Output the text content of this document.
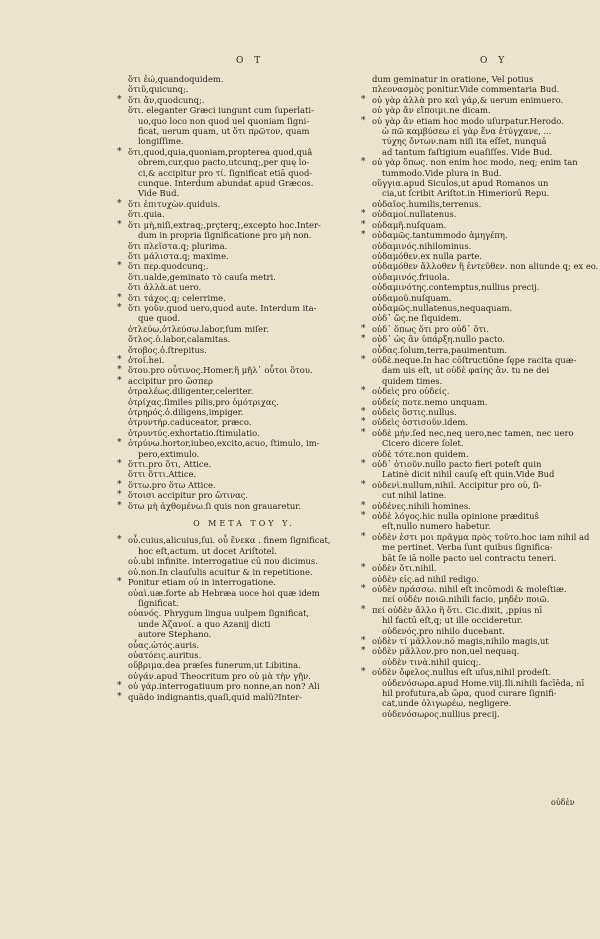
O T	O Y
ὅτι ἐώ,quandoquidem.
ὅτιῦ,quicunq;.
* ὅτι ἄν,quodcunq;.
ὅτι. eleganter Græci iungunt cum ſuperlati-
uo,quo loco non quod uel quoniam ſigni-
ficat, uerum quam, ut ὅτι πρῶτον, quam
longiſſime.
* ὅτι,quod,quia,quoniam,propterea quod,quâ
obrem,cur,quo pacto,utcunq;,per quę lo-
ci,& accipitur pro τί. ſignificat etiā quod-
cunque. Interdum abundat apud Græcos.
Vide Bud.
* ὅτι ἐπιτυχὼν.quiduis.
ὅτι.quia.
* ὅτι μὴ,niſi,extraq;,prçterq;,excepto hoc.Inter-
dum in propria ſignificatione pro μὴ non.
ὅτι πλεῖστα.q; plurima.
ὅτι μάλιστα.q; maxime.
* ὅτι περ.quodcunq;.
ὅτι.ualde,geminato τὸ cauſa metri.
ὅτι ἀλλὰ.at uero.
* ὅτι τάχος.q; celerrime.
* ὅτι γοῦν.quod uero,quod aute. Interdum ita-
que quod.
ὀτλεύω,ὀτλεύσω.labor,ſum miſer.
ὄτλος.ὁ.labor,calamitas.
ὄτοβος.ὁ.ſtrepitus.
* ὀτοῖ.hei.
* ὅτου.pro οὗτινος.Homer.ἣ μῆλ᾽ οὗτοι ὅτου.
* accipitur pro ὥσπερ
ὀτραλέως.diligenter,celeriter.
ὀτρίχας.ſimiles pilis,pro ὁμότριχας.
ὀτρηρός.ὁ.diligens,impiger.
ὀτρυντήρ.caduceator, præco.
ὀτρυντύς.exhortatio.ſtimulatio.
* ὀτρύνω.hortor,iubeo,excito,acuo, ſtimulo, im-
pero,extimulo.
* ὅττι.pro ὅτι, Attice.
ὅττι ὅττι.Attice.
* ὅττω.pro ὅτω Attice.
* ὅτοισι accipitur pro ὥτινας.
* ὅτω μὴ ἀχθομένω.ſi quis non grauaretur.
O META TOY Y.
* οὗ.cuius,alicuius,ſui. οὗ ἕνεκα . finem ſignificat,
hoc eſt,actum. ut docet Ariſtotel.
οὐ.ubi infinite. interrogatiue cū που dicimus.
οὐ.non.In clauſulis acuitur & in repetitione.
* Ponitur etiam οὐ in interrogatione.
οὐαὶ.uæ.forte ab Hebræa uoce hoi quæ idem
ſignificat.
οὐανός. Phrygum lingua uulpem ſignificat,
unde Ἀζανοί. a quo Azanij dicti
autore Stephano.
οὖας.ὠτός.auris.
οὐατόεις.auritus.
οὔβριμα.dea præſes funerum,ut Libitina.
οὐγάν.apud Theocritum pro οὐ μὰ τὴν γῆν.
* οὐ γάρ.interrogatiuum pro nonne,an non? Ali
* quãdo indignantis,quaſi,quid malũ?Inter-
dum geminatur in oratione, Vel potius
πλεονασμὸς ponitur.Vide commentaria Bud.
* οὐ γὰρ ἀλλὰ pro καὶ γάρ,& uerum enimuero.
οὐ γὰρ ἄν εἴποιμι.ne dicam.
* οὐ γὰρ ἄν etiam hoc modo uſurpatur.Herodo.
ὡ πῶ καμβύσεω εἰ γὰρ ἕνα ἐτύγχανε, ...
τύχης ὄντων.nam niſi ita eſſet, nunquā
ad tantum faſtigium euaſiſſes. Vide Bud.
* οὐ γὰρ ὅπως. non enim hoc modo, neq; enim tan
tummodo.Vide plura in Bud.
οὔγγια.apud Siculos,ut apud Romanos un
cia,ut ſcribit Ariſtot.in Himeriorū Repu.
οὐδαῖος.humilis,terrenus.
* οὐδαμοί.nullatenus.
* οὐδαμῆ.nuſquam.
* οὐδαμῶς.tantummodo ἀμηγέπη.
οὐδαμινός.nihilominus.
οὐδαμόθεν.ex nulla parte.
οὐδαμόθεν ἄλλοθεν ἢ ἐντεῦθεν. non aliunde q; ex eo.
οὐδαμινός.friuola.
οὐδαμινότης.contemptus,nullius precij.
οὐδαμοῦ.nuſquam.
οὐδαμῶς.nullatenus,nequaquam.
οὐδ᾽ ὥς.ne ſiquidem.
* οὐδ᾽ ὅπως ὅτι pro οὐδ᾽ ὅτι.
* οὐδ᾽ ὡς ἂν ὑπάρξη.nullo pacto.
οὖδας.ſolum,terra,pauimentum.
* οὐδὲ.neque.In hac cōſtructiōne ſępe racita quæ-
dam uis eſt, ut οὐδὲ φαίης ἂν. tu ne dei
quidem times.
* οὐδεὶς pro οὐδείς.
οὐδείς ποτε.nemo unquam.
* οὐδεὶς ὅστις.nullus.
* οὐδεὶς ὁστισοῦν.idem.
* οὐδὲ μήν.ſed nec,neq uero,nec tamen, nec uero
Cicero dicere ſolet.
οὐδὲ τότε.non quidem.
* οὐδ᾽ ὁτιοῦν.nullo pacto fieri poteſt quin
Latinè dicit nihil cauſę eſt quin.Vide Bud
* οὐδενὶ.nullum,nihil. Accipitur pro οὐ, ſi-
cut nihil latine.
* οὐδένες.nihili homines.
* οὐδὲ λόγος.hic nulla opinione prædituŝ
eſt,nullo numero habetur.
* οὐδὲν ἐστι μοι πρᾶγμα πρὸς τοῦτο.hoc iam nihil ad
me pertinet. Verba ſunt quibus ſignifica-
bāt ſe iā nolle pacto uel contractu teneri.
* οὐδὲν ὅτι.nihil.
οὐδὲν εἰς.ad nihil redigo.
* οὐδὲν πράσσω. nihil eſt incōmodi & moleſtiæ.
πεί οὐδέν ποιῶ.nihili facio, μηδέν ποιῶ.
* πεί οὐδὲν ἄλλο ἢ ὅτι. Cic.dixit, ,ppius nī
hil factū eſt,q; ut ille occideretur.
οὐδενός.pro nihilo ducebant.
* οὐδὲν τί μᾶλλον.nō magis,nihilo magis,ut
* οὐδὲν μᾶλλον.pro non,uel nequaq.
οὐδὲν τινὰ.nihil quicq;.
* οὐδὲν ὄφελος.nullus eſt uſus,nihil prodeſt.
οὐδενόσωρα.apud Home.viij.Ili.nihili facīēda, nī
hil profutura,ab ὥρα, quod curare ſignifi-
cat,unde ὀλιγωρέω, negligere.
οὐδενόσωρος.nullius precij.
οὐδὲν
